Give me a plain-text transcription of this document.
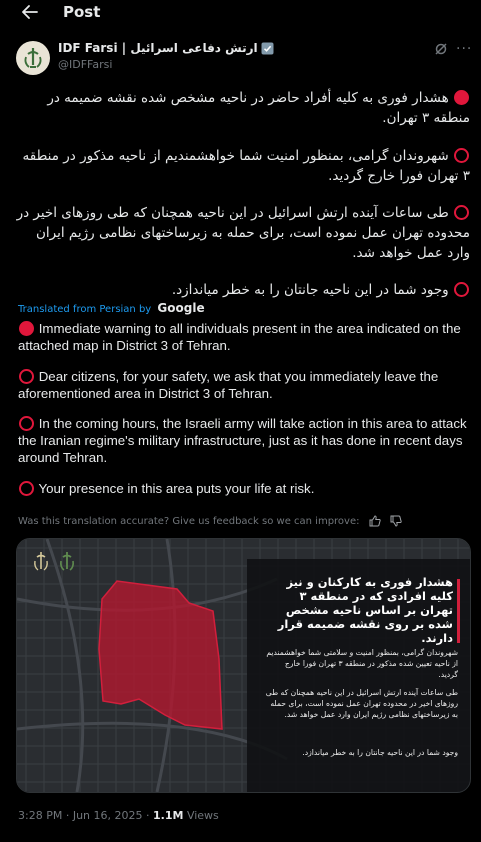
Post
ارتش دفاعی اسرائیل | IDF Farsi
@IDFFarsi
···
هشدار فوری به کلیه أفراد حاضر در ناحیه مشخص شده نقشه ضمیمه در منطقه ۳ تهران.
شهروندان گرامی، بمنظور امنیت شما خواهشمندیم از ناحیه مذکور در منطقه ۳ تهران فورا خارج گردید.
طی ساعات آینده ارتش اسرائیل در این ناحیه همچنان که طی روزهای اخیر در محدوده تهران عمل نموده است، برای حمله به زیرساختهای نظامی رژیم ایران وارد عمل خواهد شد.
وجود شما در این ناحیه جانتان را به خطر میاندازد.
Translated from Persian by Google
Immediate warning to all individuals present in the area indicated on the attached map in District 3 of Tehran.
Dear citizens, for your safety, we ask that you immediately leave the aforementioned area in District 3 of Tehran.
In the coming hours, the Israeli army will take action in this area to attack the Iranian regime's military infrastructure, just as it has done in recent days around Tehran.
Your presence in this area puts your life at risk.
Was this translation accurate? Give us feedback so we can improve:
هشدار فوری به کارکنان و نیز کلیه افرادی که در منطقه ۳ تهران بر اساس ناحیه مشخص شده بر روی نقشه ضمیمه قرار دارند.
شهروندان گرامی، بمنظور امنیت و سلامتی شما خواهشمندیم از ناحیه تعیین شده مذکور در منطقه ۳ تهران فورا خارج گردید.
طی ساعات آینده ارتش اسرائیل در این ناحیه همچنان که طی روزهای اخیر در محدوده تهران عمل نموده است، برای حمله به زیرساختهای نظامی رژیم ایران وارد عمل خواهد شد.
وجود شما در این ناحیه جانتان را به خطر میاندازد.
3:28 PM · Jun 16, 2025 · 1.1M Views
